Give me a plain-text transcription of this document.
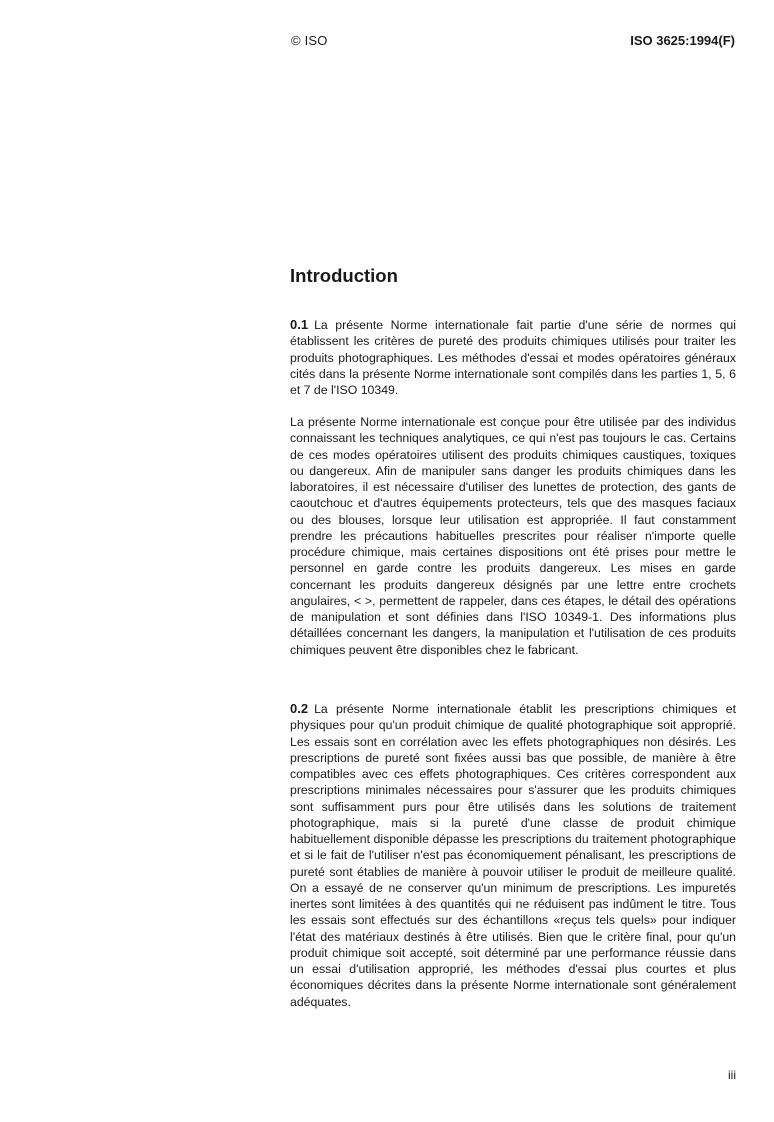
© ISO	ISO 3625:1994(F)
Introduction

0.1 La présente Norme internationale fait partie d'une série de normes qui établissent les critères de pureté des produits chimiques utilisés pour traiter les produits photographiques. Les méthodes d'essai et modes opératoires généraux cités dans la présente Norme internationale sont compilés dans les parties 1, 5, 6 et 7 de l'ISO 10349.

La présente Norme internationale est conçue pour être utilisée par des individus connaissant les techniques analytiques, ce qui n'est pas toujours le cas. Certains de ces modes opératoires utilisent des produits chimiques caustiques, toxiques ou dangereux. Afin de manipuler sans danger les produits chimiques dans les laboratoires, il est nécessaire d'utiliser des lunettes de protection, des gants de caoutchouc et d'autres équipements protecteurs, tels que des masques faciaux ou des blouses, lorsque leur utilisation est appropriée. Il faut constamment prendre les précautions habituelles prescrites pour réaliser n'importe quelle procédure chimique, mais certaines dispositions ont été prises pour mettre le personnel en garde contre les produits dangereux. Les mises en garde concernant les produits dangereux désignés par une lettre entre crochets angulaires, < >, permettent de rappeler, dans ces étapes, le détail des opérations de manipulation et sont définies dans l'ISO 10349-1. Des informations plus détaillées concernant les dangers, la manipulation et l'utilisation de ces produits chimiques peuvent être disponibles chez le fabricant.

0.2 La présente Norme internationale établit les prescriptions chimiques et physiques pour qu'un produit chimique de qualité photographique soit approprié. Les essais sont en corrélation avec les effets photographiques non désirés. Les prescriptions de pureté sont fixées aussi bas que possible, de manière à être compatibles avec ces effets photographiques. Ces critères correspondent aux prescriptions minimales nécessaires pour s'assurer que les produits chimiques sont suffisamment purs pour être utilisés dans les solutions de traitement photographique, mais si la pureté d'une classe de produit chimique habituellement disponible dépasse les prescriptions du traitement photographique et si le fait de l'utiliser n'est pas économiquement pénalisant, les prescriptions de pureté sont établies de manière à pouvoir utiliser le produit de meilleure qualité. On a essayé de ne conserver qu'un minimum de prescriptions. Les impuretés inertes sont limitées à des quantités qui ne réduisent pas indûment le titre. Tous les essais sont effectués sur des échantillons «reçus tels quels» pour indiquer l'état des matériaux destinés à être utilisés. Bien que le critère final, pour qu'un produit chimique soit accepté, soit déterminé par une performance réussie dans un essai d'utilisation approprié, les méthodes d'essai plus courtes et plus économiques décrites dans la présente Norme internationale sont généralement adéquates.

iii
